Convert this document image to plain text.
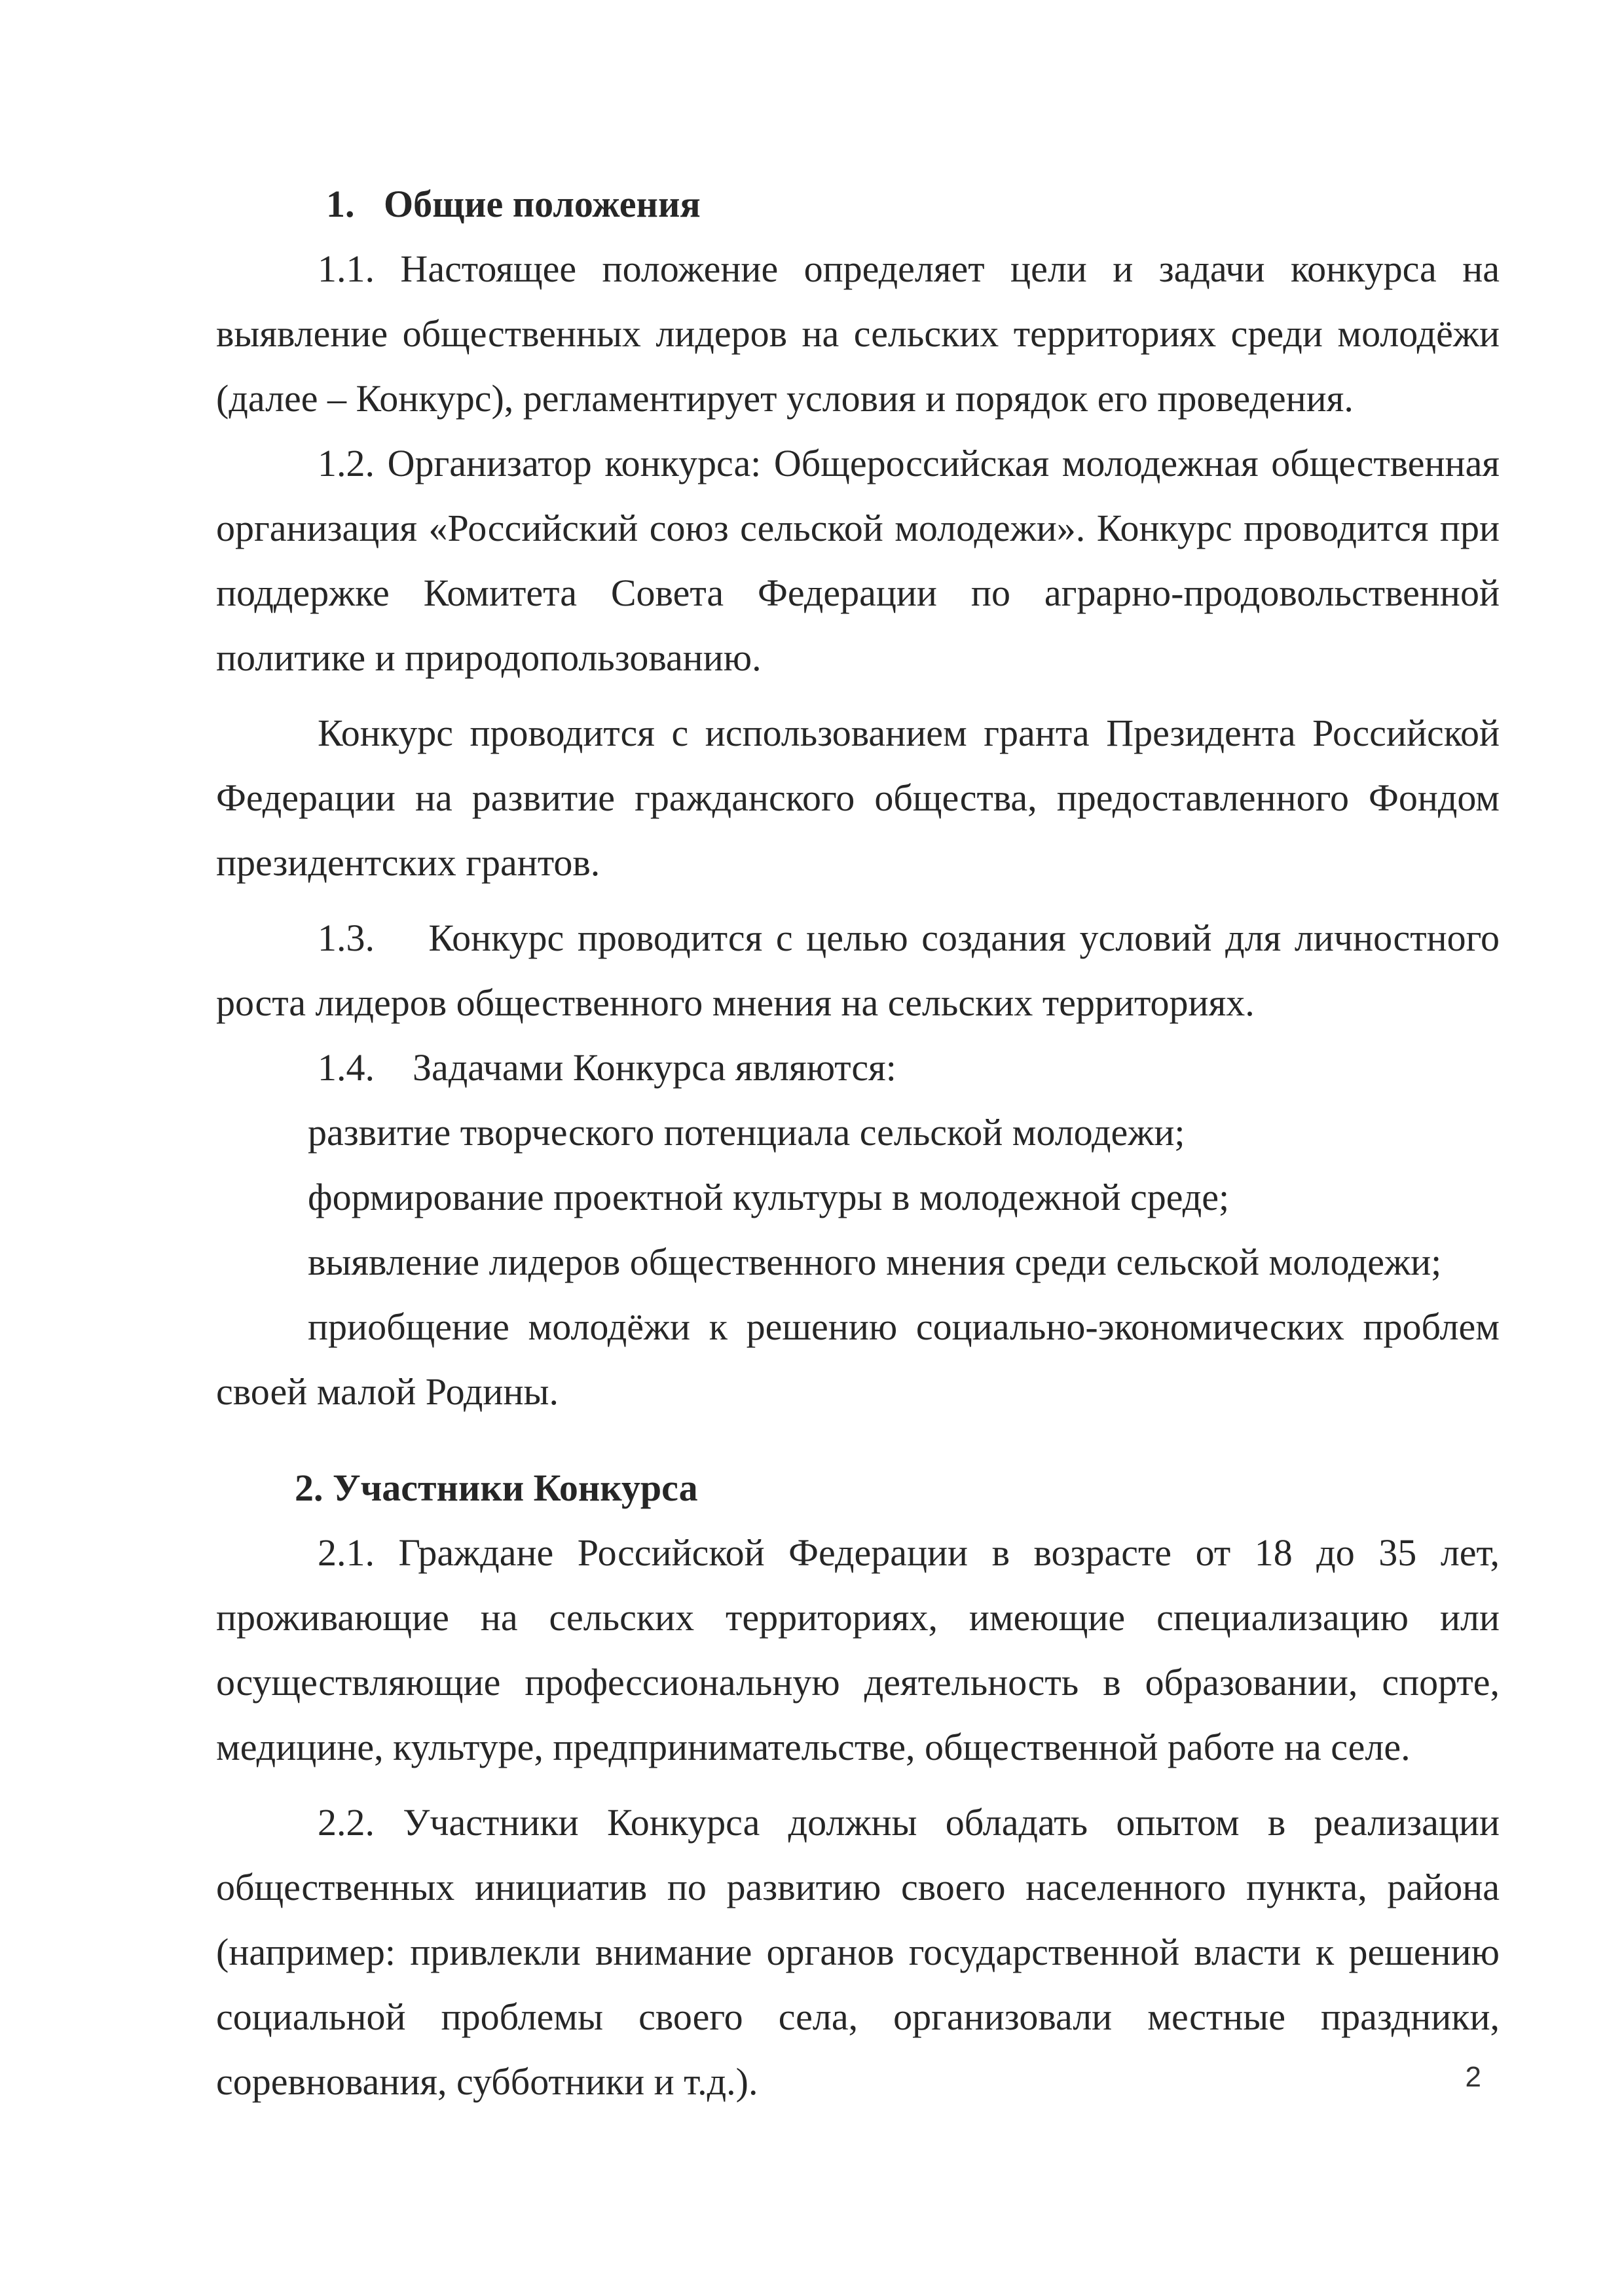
1. Общие положения

1.1. Настоящее положение определяет цели и задачи конкурса на выявление общественных лидеров на сельских территориях среди молодёжи (далее – Конкурс), регламентирует условия и порядок его проведения.

1.2. Организатор конкурса: Общероссийская молодежная общественная организация «Российский союз сельской молодежи». Конкурс проводится при поддержке Комитета Совета Федерации по аграрно-продовольственной политике и природопользованию.

Конкурс проводится с использованием гранта Президента Российской Федерации на развитие гражданского общества, предоставленного Фондом президентских грантов.

1.3. Конкурс проводится с целью создания условий для личностного роста лидеров общественного мнения на сельских территориях.

1.4. Задачами Конкурса являются:

развитие творческого потенциала сельской молодежи;

формирование проектной культуры в молодежной среде;

выявление лидеров общественного мнения среди сельской молодежи;

приобщение молодёжи к решению социально-экономических проблем своей малой Родины.

2. Участники Конкурса

2.1. Граждане Российской Федерации в возрасте от 18 до 35 лет, проживающие на сельских территориях, имеющие специализацию или осуществляющие профессиональную деятельность в образовании, спорте, медицине, культуре, предпринимательстве, общественной работе на селе.

2.2. Участники Конкурса должны обладать опытом в реализации общественных инициатив по развитию своего населенного пункта, района (например: привлекли внимание органов государственной власти к решению социальной проблемы своего села, организовали местные праздники, соревнования, субботники и т.д.).	2
